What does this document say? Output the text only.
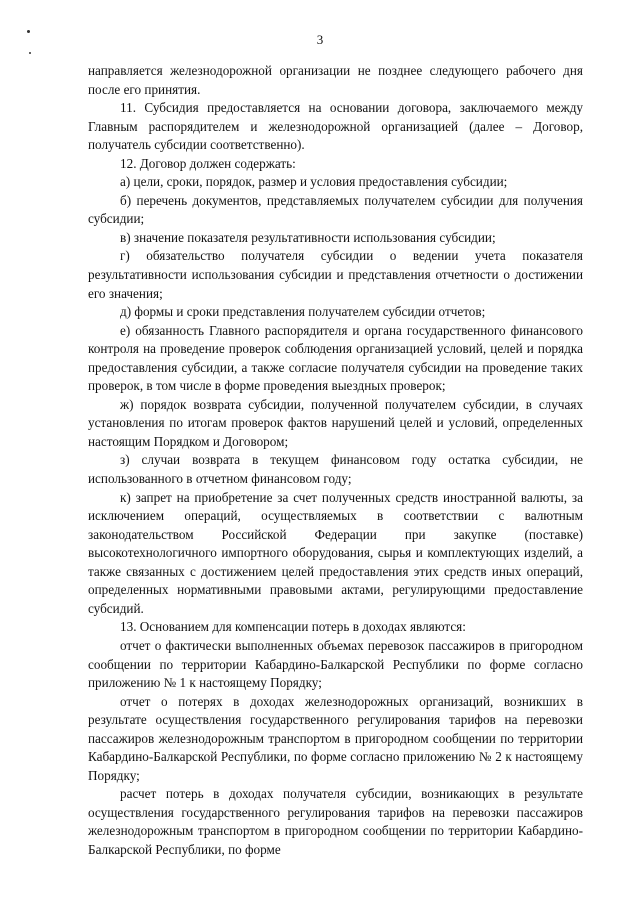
3

направляется железнодорожной организации не позднее следующего рабочего дня после его принятия.

11. Субсидия предоставляется на основании договора, заключаемого между Главным распорядителем и железнодорожной организацией (далее – Договор, получатель субсидии соответственно).

12. Договор должен содержать:

а) цели, сроки, порядок, размер и условия предоставления субсидии;

б) перечень документов, представляемых получателем субсидии для получения субсидии;

в) значение показателя результативности использования субсидии;

г) обязательство получателя субсидии о ведении учета показателя результативности использования субсидии и представления отчетности о достижении его значения;

д) формы и сроки представления получателем субсидии отчетов;

е) обязанность Главного распорядителя и органа государственного финансового контроля на проведение проверок соблюдения организацией условий, целей и порядка предоставления субсидии, а также согласие получателя субсидии на проведение таких проверок, в том числе в форме проведения выездных проверок;

ж) порядок возврата субсидии, полученной получателем субсидии, в случаях установления по итогам проверок фактов нарушений целей и условий, определенных настоящим Порядком и Договором;

з) случаи возврата в текущем финансовом году остатка субсидии, не использованного в отчетном финансовом году;

к) запрет на приобретение за счет полученных средств иностранной валюты, за исключением операций, осуществляемых в соответствии с валютным законодательством Российской Федерации при закупке (поставке) высокотехнологичного импортного оборудования, сырья и комплектующих изделий, а также связанных с достижением целей предоставления этих средств иных операций, определенных нормативными правовыми актами, регулирующими предоставление субсидий.

13. Основанием для компенсации потерь в доходах являются:

отчет о фактически выполненных объемах перевозок пассажиров в пригородном сообщении по территории Кабардино-Балкарской Республики по форме согласно приложению № 1 к настоящему Порядку;

отчет о потерях в доходах железнодорожных организаций, возникших в результате осуществления государственного регулирования тарифов на перевозки пассажиров железнодорожным транспортом в пригородном сообщении по территории Кабардино-Балкарской Республики, по форме согласно приложению № 2 к настоящему Порядку;

расчет потерь в доходах получателя субсидии, возникающих в результате осуществления государственного регулирования тарифов на перевозки пассажиров железнодорожным транспортом в пригородном сообщении по территории Кабардино-Балкарской Республики, по форме
